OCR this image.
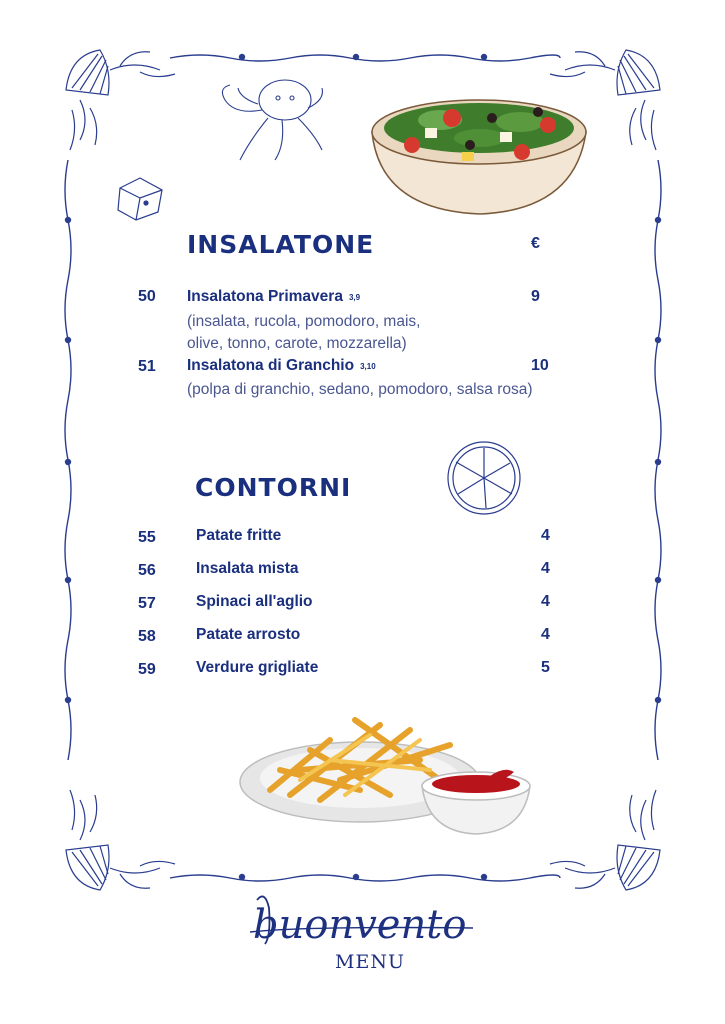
INSALATONE	€
50 Insalatona Primavera 3,9	9
(insalata, rucola, pomodoro, mais,
olive, tonno, carote, mozzarella)
51 Insalatona di Granchio 3,10	10
(polpa di granchio, sedano, pomodoro, salsa rosa)
CONTORNI
55	Patate fritte	4
56	Insalata mista	4
57	Spinaci all'aglio	4
58	Patate arrosto	4
59	Verdure grigliate	5
buonvento
MENU
